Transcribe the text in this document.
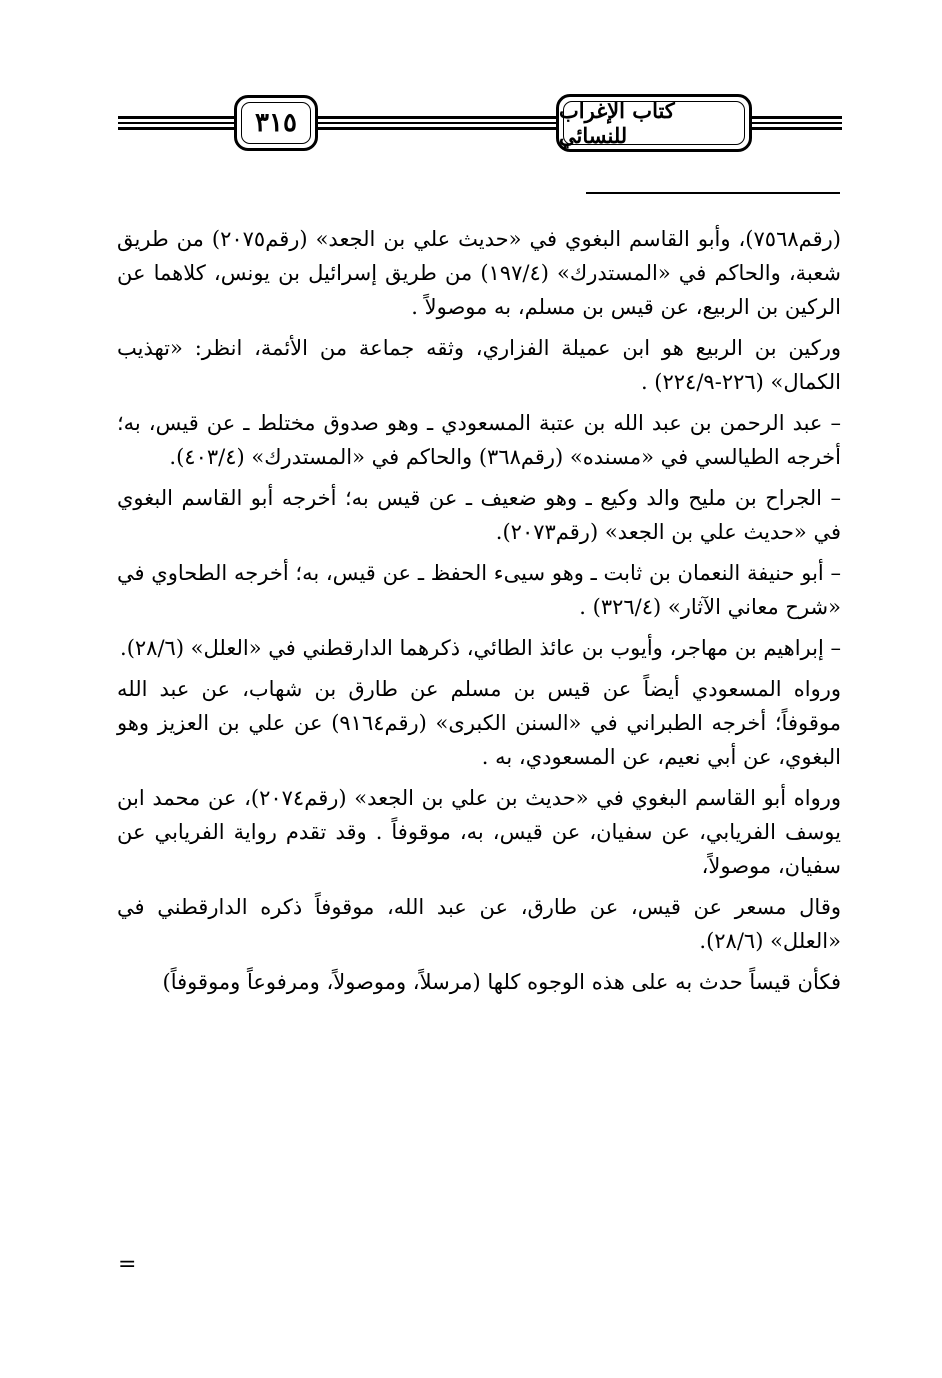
كتاب الإغراب للنسائي
٣١٥

(رقم٧٥٦٨)، وأبو القاسم البغوي في «حديث علي بن الجعد» (رقم٢٠٧٥) من طريق شعبة، والحاكم في «المستدرك» (١٩٧/٤) من طريق إسرائيل بن يونس، كلاهما عن الركين بن الربيع، عن قيس بن مسلم، به موصولاً .

وركين بن الربيع هو ابن عميلة الفزاري، وثقه جماعة من الأئمة، انظر: «تهذيب الكمال» (٢٢٦-٢٢٤/٩) .

– عبد الرحمن بن عبد الله بن عتبة المسعودي ـ وهو صدوق مختلط ـ عن قيس، به؛ أخرجه الطيالسي في «مسنده» (رقم٣٦٨) والحاكم في «المستدرك» (٤٠٣/٤).

– الجراح بن مليح والد وكيع ـ وهو ضعيف ـ عن قيس به؛ أخرجه أبو القاسم البغوي في «حديث علي بن الجعد» (رقم٢٠٧٣).

– أبو حنيفة النعمان بن ثابت ـ وهو سيىء الحفظ ـ عن قيس، به؛ أخرجه الطحاوي في «شرح معاني الآثار» (٣٢٦/٤) .

– إبراهيم بن مهاجر، وأيوب بن عائذ الطائي، ذكرهما الدارقطني في «العلل» (٢٨/٦).

ورواه المسعودي أيضاً عن قيس بن مسلم عن طارق بن شهاب، عن عبد الله موقوفاً؛ أخرجه الطبراني في «السنن الكبرى» (رقم٩١٦٤) عن علي بن العزيز وهو البغوي، عن أبي نعيم، عن المسعودي، به .

ورواه أبو القاسم البغوي في «حديث بن علي بن الجعد» (رقم٢٠٧٤)، عن محمد ابن يوسف الفريابي، عن سفيان، عن قيس، به، موقوفاً . وقد تقدم رواية الفريابي عن سفيان، موصولاً،

وقال مسعر عن قيس، عن طارق، عن عبد الله، موقوفاً ذكره الدارقطني في «العلل» (٢٨/٦).

فكأن قيساً حدث به على هذه الوجوه كلها (مرسلاً، وموصولاً، ومرفوعاً وموقوفاً)

=
